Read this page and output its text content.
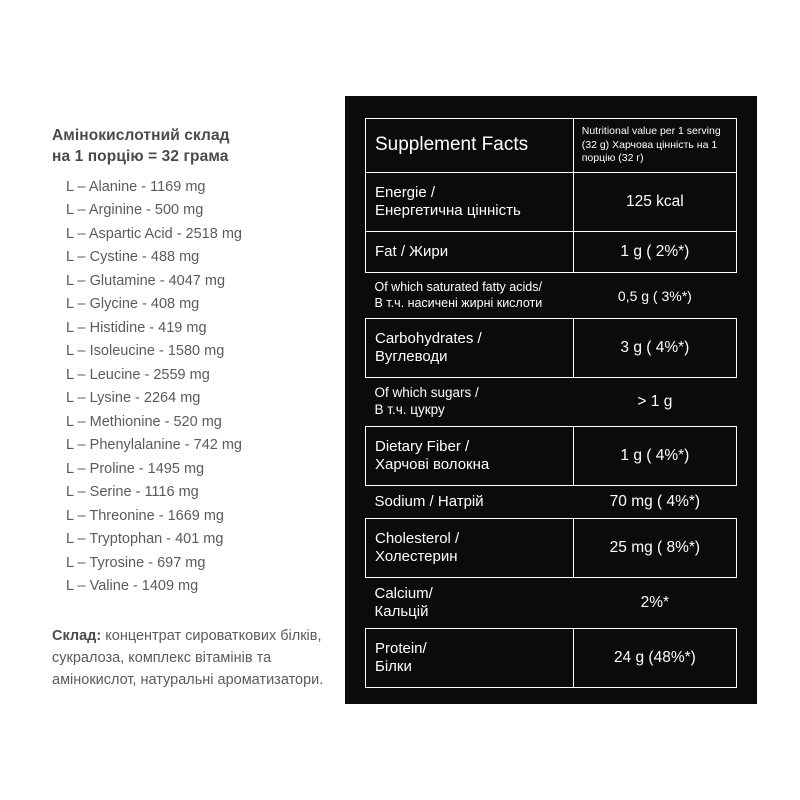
Амінокислотний склад
на 1 порцію = 32 грама
L – Alanine - 1169 mg
L – Arginine - 500 mg
L – Aspartic Acid - 2518 mg
L – Cystine - 488 mg
L – Glutamine - 4047 mg
L – Glycine - 408 mg
L – Histidine - 419 mg
L – Isoleucine - 1580 mg
L – Leucine - 2559 mg
L – Lysine - 2264 mg
L – Methionine - 520 mg
L – Phenylalanine - 742 mg
L – Proline - 1495 mg
L – Serine - 1116 mg
L – Threonine - 1669 mg
L – Tryptophan - 401 mg
L – Tyrosine - 697 mg
L – Valine - 1409 mg
Склад: концентрат сироваткових білків, сукралоза, комплекс вітамінів та амінокислот, натуральні ароматизатори.
Supplement Facts	Nutritional value per 1 serving (32 g) Харчова цінність на 1 порцію (32 г)

Energie /
Енергетична цінність	125 kcal
Fat / Жири	1 g ( 2%*)

Of which saturated fatty acids/
В т.ч. насичені жирні кислоти	0,5 g ( 3%*)

Carbohydrates /
Вуглеводи	3 g ( 4%*)

Of which sugars /
В т.ч. цукру	> 1 g

Dietary Fiber /
Харчові волокна	1 g ( 4%*)
Sodium / Натрій	70 mg ( 4%*)

Cholesterol /
Холестерин	25 mg ( 8%*)

Calcium/
Кальцій	2%*

Protein/
Білки	24 g (48%*)
*З розрахунку середнього добового раціону
дорослої людини (2,000 ккал).
*Reference intake of an average adult (2,000 kcal).
